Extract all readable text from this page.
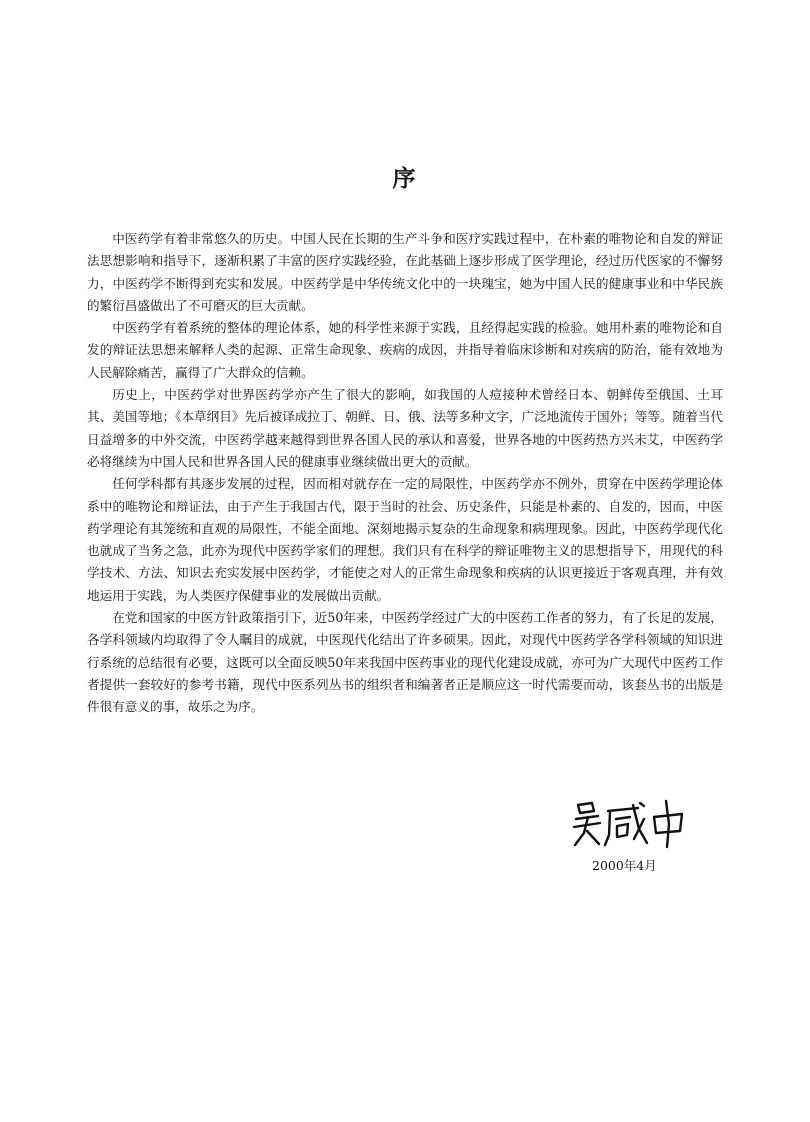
序

中医药学有着非常悠久的历史。中国人民在长期的生产斗争和医疗实践过程中，在朴素的唯物论和自发的辩证法思想影响和指导下，逐渐积累了丰富的医疗实践经验，在此基础上逐步形成了医学理论，经过历代医家的不懈努力，中医药学不断得到充实和发展。中医药学是中华传统文化中的一块瑰宝，她为中国人民的健康事业和中华民族的繁衍昌盛做出了不可磨灭的巨大贡献。

中医药学有着系统的整体的理论体系，她的科学性来源于实践，且经得起实践的检验。她用朴素的唯物论和自发的辩证法思想来解释人类的起源、正常生命现象、疾病的成因，并指导着临床诊断和对疾病的防治，能有效地为人民解除痛苦，赢得了广大群众的信赖。

历史上，中医药学对世界医药学亦产生了很大的影响，如我国的人痘接种术曾经日本、朝鲜传至俄国、土耳其、美国等地；《本草纲目》先后被译成拉丁、朝鲜、日、俄、法等多种文字，广泛地流传于国外；等等。随着当代日益增多的中外交流，中医药学越来越得到世界各国人民的承认和喜爱，世界各地的中医药热方兴未艾，中医药学必将继续为中国人民和世界各国人民的健康事业继续做出更大的贡献。

任何学科都有其逐步发展的过程，因而相对就存在一定的局限性，中医药学亦不例外，贯穿在中医药学理论体系中的唯物论和辩证法，由于产生于我国古代，限于当时的社会、历史条件，只能是朴素的、自发的，因而，中医药学理论有其笼统和直观的局限性，不能全面地、深刻地揭示复杂的生命现象和病理现象。因此，中医药学现代化也就成了当务之急，此亦为现代中医药学家们的理想。我们只有在科学的辩证唯物主义的思想指导下，用现代的科学技术、方法、知识去充实发展中医药学，才能使之对人的正常生命现象和疾病的认识更接近于客观真理，并有效地运用于实践，为人类医疗保健事业的发展做出贡献。

在党和国家的中医方针政策指引下，近50年来，中医药学经过广大的中医药工作者的努力，有了长足的发展，各学科领域内均取得了令人瞩目的成就，中医现代化结出了许多硕果。因此，对现代中医药学各学科领域的知识进行系统的总结很有必要，这既可以全面反映50年来我国中医药事业的现代化建设成就，亦可为广大现代中医药工作者提供一套较好的参考书籍，现代中医系列丛书的组织者和编著者正是顺应这一时代需要而动，该套丛书的出版是件很有意义的事，故乐之为序。

2000年4月
